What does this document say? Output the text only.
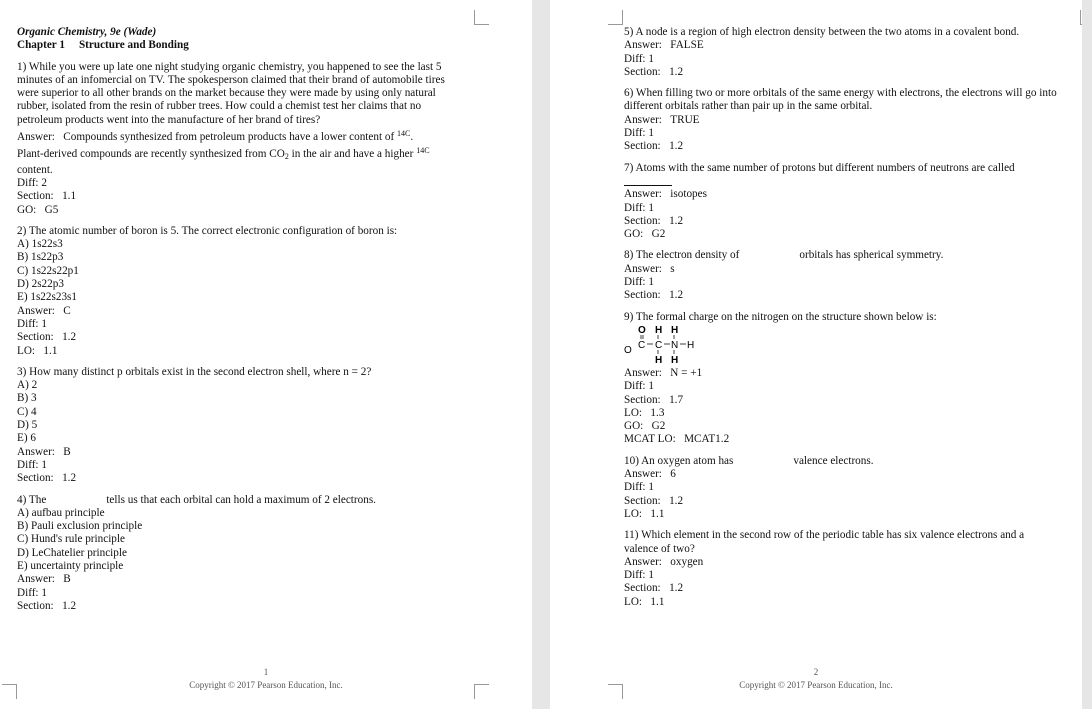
Organic Chemistry, 9e (Wade)
Chapter 1 Structure and Bonding
1) While you were up late one night studying organic chemistry, you happened to see the last 5
minutes of an infomercial on TV. The spokesperson claimed that their brand of automobile tires
were superior to all other brands on the market because they were made by using only natural
rubber, isolated from the resin of rubber trees. How could a chemist test her claims that no
petroleum products went into the manufacture of her brand of tires?
Answer: Compounds synthesized from petroleum products have a lower content of $^{14C}$.
Plant-derived compounds are recently synthesized from $CO_2$ in the air and have a higher $^{14C}$
content.
Diff: 2
Section: 1.1
GO: G5
2) The atomic number of boron is 5. The correct electronic configuration of boron is:
A) 1s22s3
B) 1s22p3
C) 1s22s22p1
D) 2s22p3
E) 1s22s23s1
Answer: C
Diff: 1
Section: 1.2
LO: 1.1
3) How many distinct p orbitals exist in the second electron shell, where n = 2?
A) 2
B) 3
C) 4
D) 5
E) 6
Answer: B
Diff: 1
Section: 1.2
4) The	tells us that each orbital can hold a maximum of 2 electrons.
A) aufbau principle
B) Pauli exclusion principle
C) Hund's rule principle
D) LeChatelier principle
E) uncertainty principle
Answer: B
Diff: 1
Section: 1.2
1
Copyright © 2017 Pearson Education, Inc.
5) A node is a region of high electron density between the two atoms in a covalent bond.
Answer: FALSE
Diff: 1
Section: 1.2
6) When filling two or more orbitals of the same energy with electrons, the electrons will go into
different orbitals rather than pair up in the same orbital.
Answer: TRUE
Diff: 1
Section: 1.2
7) Atoms with the same number of protons but different numbers of neutrons are called
Answer: isotopes
Diff: 1
Section: 1.2
GO: G2
8) The electron density of	orbitals has spherical symmetry.
Answer: s
Diff: 1
Section: 1.2
9) The formal charge on the nitrogen on the structure shown below is:
O H H
O C C N H
H H
Answer: N = +1
Diff: 1
Section: 1.7
LO: 1.3
GO: G2
MCAT LO: MCAT1.2
10) An oxygen atom has	valence electrons.
Answer: 6
Diff: 1
Section: 1.2
LO: 1.1
11) Which element in the second row of the periodic table has six valence electrons and a
valence of two?
Answer: oxygen
Diff: 1
Section: 1.2
LO: 1.1
2
Copyright © 2017 Pearson Education, Inc.
